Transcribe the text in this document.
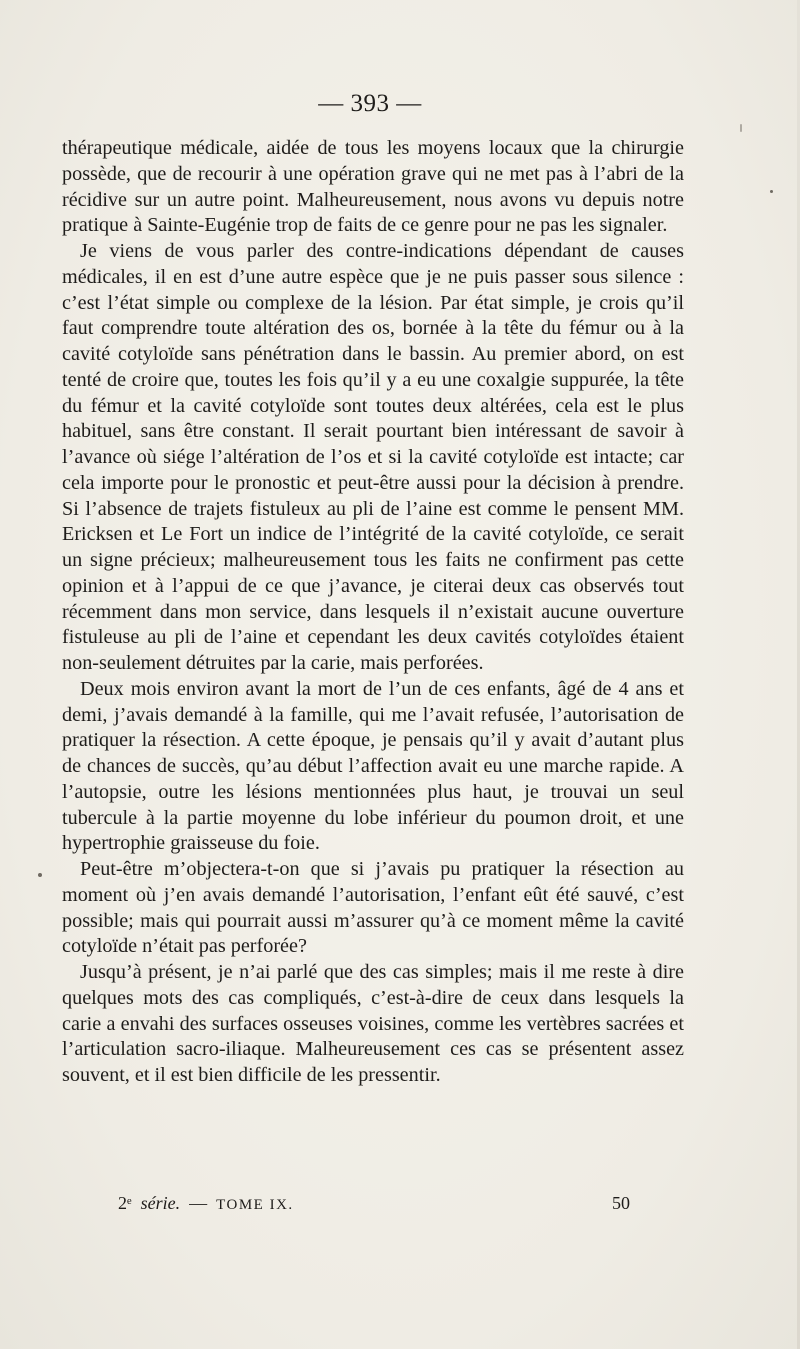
— 393 —

thérapeutique médicale, aidée de tous les moyens locaux que la chirurgie possède, que de recourir à une opération grave qui ne met pas à l’abri de la récidive sur un autre point. Malheureusement, nous avons vu depuis notre pratique à Sainte-Eugénie trop de faits de ce genre pour ne pas les signaler.

Je viens de vous parler des contre-indications dépendant de causes médicales, il en est d’une autre espèce que je ne puis passer sous silence : c’est l’état simple ou complexe de la lésion. Par état simple, je crois qu’il faut comprendre toute altération des os, bornée à la tête du fémur ou à la cavité cotyloïde sans pénétration dans le bassin. Au premier abord, on est tenté de croire que, toutes les fois qu’il y a eu une coxalgie suppurée, la tête du fémur et la cavité cotyloïde sont toutes deux altérées, cela est le plus habituel, sans être constant. Il serait pourtant bien intéressant de savoir à l’avance où siége l’altération de l’os et si la cavité cotyloïde est intacte; car cela importe pour le pronostic et peut-être aussi pour la décision à prendre. Si l’absence de trajets fistuleux au pli de l’aine est comme le pensent MM. Ericksen et Le Fort un indice de l’intégrité de la cavité cotyloïde, ce serait un signe précieux; malheureusement tous les faits ne confirment pas cette opinion et à l’appui de ce que j’avance, je citerai deux cas observés tout récemment dans mon service, dans lesquels il n’existait aucune ouverture fistuleuse au pli de l’aine et cependant les deux cavités cotyloïdes étaient non-seulement détruites par la carie, mais perforées.

Deux mois environ avant la mort de l’un de ces enfants, âgé de 4 ans et demi, j’avais demandé à la famille, qui me l’avait refusée, l’autorisation de pratiquer la résection. A cette époque, je pensais qu’il y avait d’autant plus de chances de succès, qu’au début l’affection avait eu une marche rapide. A l’autopsie, outre les lésions mentionnées plus haut, je trouvai un seul tubercule à la partie moyenne du lobe inférieur du poumon droit, et une hypertrophie graisseuse du foie.

Peut-être m’objectera-t-on que si j’avais pu pratiquer la résection au moment où j’en avais demandé l’autorisation, l’enfant eût été sauvé, c’est possible; mais qui pourrait aussi m’assurer qu’à ce moment même la cavité cotyloïde n’était pas perforée?

Jusqu’à présent, je n’ai parlé que des cas simples; mais il me reste à dire quelques mots des cas compliqués, c’est-à-dire de ceux dans lesquels la carie a envahi des surfaces osseuses voisines, comme les vertèbres sacrées et l’articulation sacro-iliaque. Malheureusement ces cas se présentent assez souvent, et il est bien difficile de les pressentir.

2ᵉ série. — TOME IX.	50
